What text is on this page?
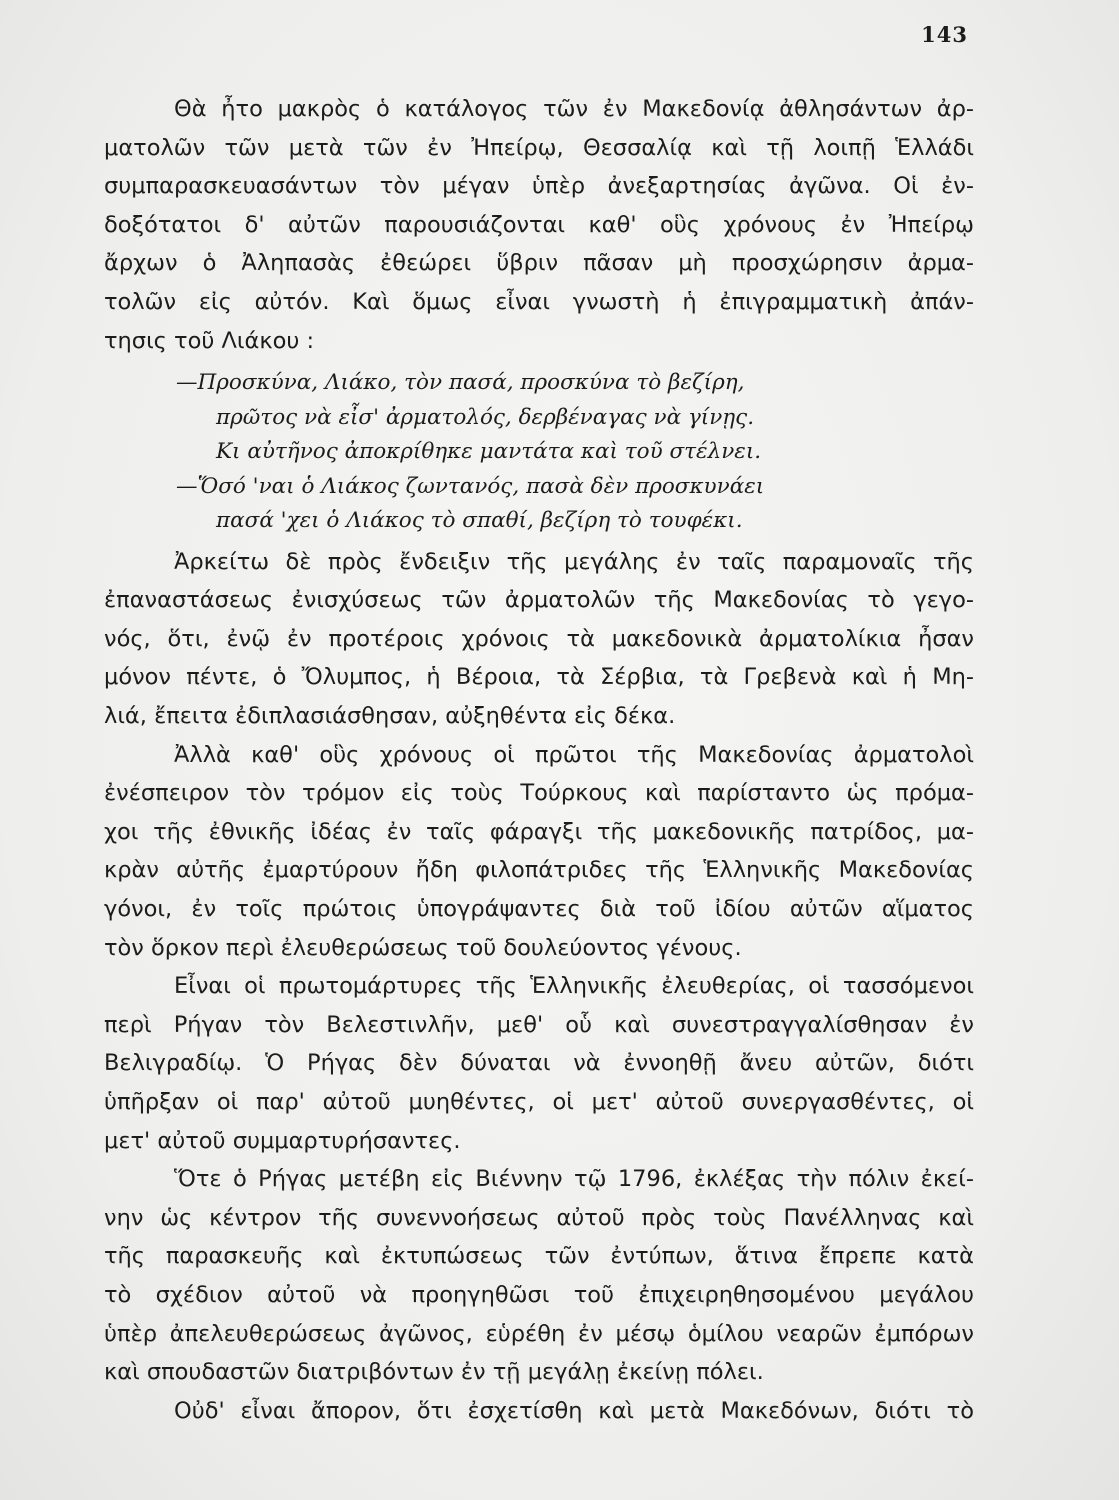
143
Θὰ ἦτο μακρὸς ὁ κατάλογος τῶν ἐν Μακεδονίᾳ ἀθλησάντων ἀρ-
ματολῶν τῶν μετὰ τῶν ἐν Ἠπείρῳ, Θεσσαλίᾳ καὶ τῇ λοιπῇ Ἑλλάδι
συμπαρασκευασάντων τὸν μέγαν ὑπὲρ ἀνεξαρτησίας ἀγῶνα. Οἱ ἐν-
δοξότατοι δ' αὐτῶν παρουσιάζονται καθ' οὓς χρόνους ἐν Ἠπείρῳ
ἄρχων ὁ Ἀληπασὰς ἐθεώρει ὕβριν πᾶσαν μὴ προσχώρησιν ἀρμα-
τολῶν εἰς αὐτόν. Καὶ ὅμως εἶναι γνωστὴ ἡ ἐπιγραμματικὴ ἀπάν-
τησις τοῦ Λιάκου :
—Προσκύνα, Λιάκο, τὸν πασά, προσκύνα τὸ βεζίρη,
πρῶτος νὰ εἶσ' ἀρματολός, δερβέναγας νὰ γίνῃς.
Κι αὐτῆνος ἀποκρίθηκε μαντάτα καὶ τοῦ στέλνει.
—Ὅσό 'ναι ὁ Λιάκος ζωντανός, πασὰ δὲν προσκυνάει
πασά 'χει ὁ Λιάκος τὸ σπαθί, βεζίρη τὸ τουφέκι.
Ἀρκείτω δὲ πρὸς ἔνδειξιν τῆς μεγάλης ἐν ταῖς παραμοναῖς τῆς
ἐπαναστάσεως ἐνισχύσεως τῶν ἀρματολῶν τῆς Μακεδονίας τὸ γεγο-
νός, ὅτι, ἐνῷ ἐν προτέροις χρόνοις τὰ μακεδονικὰ ἀρματολίκια ἦσαν
μόνον πέντε, ὁ Ὄλυμπος, ἡ Βέροια, τὰ Σέρβια, τὰ Γρεβενὰ καὶ ἡ Μη-
λιά, ἔπειτα ἐδιπλασιάσθησαν, αὐξηθέντα εἰς δέκα.
Ἀλλὰ καθ' οὓς χρόνους οἱ πρῶτοι τῆς Μακεδονίας ἀρματολοὶ
ἐνέσπειρον τὸν τρόμον εἰς τοὺς Τούρκους καὶ παρίσταντο ὡς πρόμα-
χοι τῆς ἐθνικῆς ἰδέας ἐν ταῖς φάραγξι τῆς μακεδονικῆς πατρίδος, μα-
κρὰν αὐτῆς ἐμαρτύρουν ἤδη φιλοπάτριδες τῆς Ἑλληνικῆς Μακεδονίας
γόνοι, ἐν τοῖς πρώτοις ὑπογράψαντες διὰ τοῦ ἰδίου αὐτῶν αἵματος
τὸν ὅρκον περὶ ἐλευθερώσεως τοῦ δουλεύοντος γένους.
Εἶναι οἱ πρωτομάρτυρες τῆς Ἑλληνικῆς ἐλευθερίας, οἱ τασσόμενοι
περὶ Ρήγαν τὸν Βελεστινλῆν, μεθ' οὗ καὶ συνεστραγγαλίσθησαν ἐν
Βελιγραδίῳ. Ὁ Ρήγας δὲν δύναται νὰ ἐννοηθῇ ἄνευ αὐτῶν, διότι
ὑπῆρξαν οἱ παρ' αὐτοῦ μυηθέντες, οἱ μετ' αὐτοῦ συνεργασθέντες, οἱ
μετ' αὐτοῦ συμμαρτυρήσαντες.
Ὅτε ὁ Ρήγας μετέβη εἰς Βιέννην τῷ 1796, ἐκλέξας τὴν πόλιν ἐκεί-
νην ὡς κέντρον τῆς συνεννοήσεως αὐτοῦ πρὸς τοὺς Πανέλληνας καὶ
τῆς παρασκευῆς καὶ ἐκτυπώσεως τῶν ἐντύπων, ἅτινα ἔπρεπε κατὰ
τὸ σχέδιον αὐτοῦ νὰ προηγηθῶσι τοῦ ἐπιχειρηθησομένου μεγάλου
ὑπὲρ ἀπελευθερώσεως ἀγῶνος, εὑρέθη ἐν μέσῳ ὁμίλου νεαρῶν ἐμπόρων
καὶ σπουδαστῶν διατριβόντων ἐν τῇ μεγάλῃ ἐκείνῃ πόλει.
Οὐδ' εἶναι ἄπορον, ὅτι ἐσχετίσθη καὶ μετὰ Μακεδόνων, διότι τὸ
